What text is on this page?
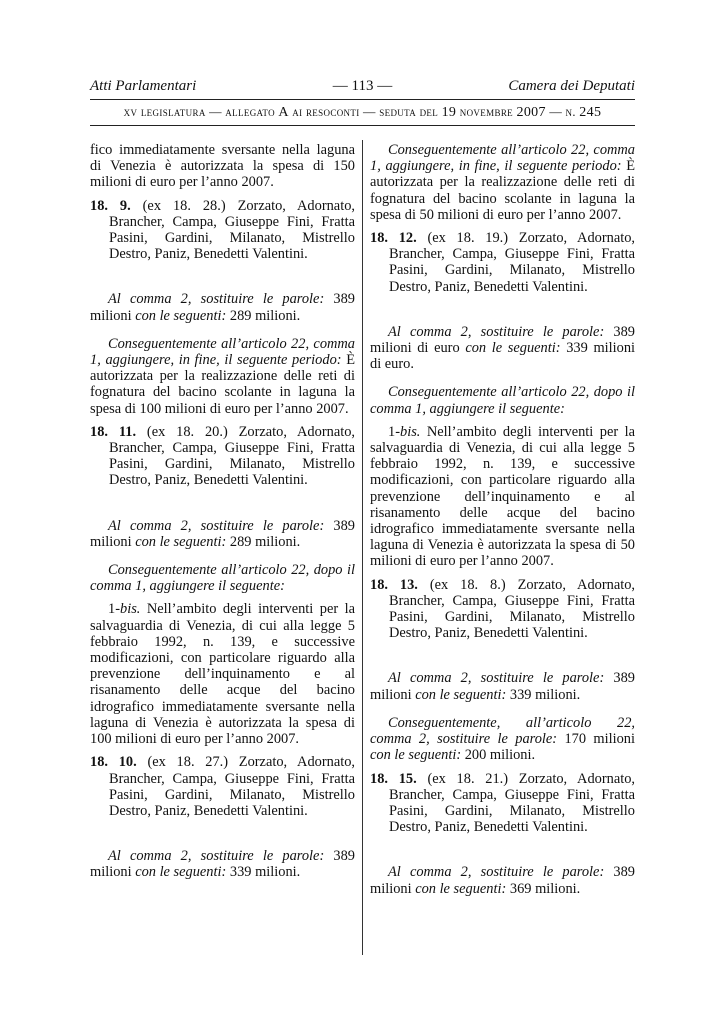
Atti Parlamentari	— 113 —	Camera dei Deputati
xv legislatura — allegato A ai resoconti — seduta del 19 novembre 2007 — n. 245

fico immediatamente sversante nella laguna di Venezia è autorizzata la spesa di 150 milioni di euro per l’anno 2007.

18. 9. (ex 18. 28.) Zorzato, Adornato, Brancher, Campa, Giuseppe Fini, Fratta Pasini, Gardini, Milanato, Mistrello Destro, Paniz, Benedetti Valentini.

Al comma 2, sostituire le parole: 389 milioni con le seguenti: 289 milioni.

Conseguentemente all’articolo 22, comma 1, aggiungere, in fine, il seguente periodo: È autorizzata per la realizzazione delle reti di fognatura del bacino scolante in laguna la spesa di 100 milioni di euro per l’anno 2007.

18. 11. (ex 18. 20.) Zorzato, Adornato, Brancher, Campa, Giuseppe Fini, Fratta Pasini, Gardini, Milanato, Mistrello Destro, Paniz, Benedetti Valentini.

Al comma 2, sostituire le parole: 389 milioni con le seguenti: 289 milioni.

Conseguentemente all’articolo 22, dopo il comma 1, aggiungere il seguente:

1-bis. Nell’ambito degli interventi per la salvaguardia di Venezia, di cui alla legge 5 febbraio 1992, n. 139, e successive modificazioni, con particolare riguardo alla prevenzione dell’inquinamento e al risanamento delle acque del bacino idrografico immediatamente sversante nella laguna di Venezia è autorizzata la spesa di 100 milioni di euro per l’anno 2007.

18. 10. (ex 18. 27.) Zorzato, Adornato, Brancher, Campa, Giuseppe Fini, Fratta Pasini, Gardini, Milanato, Mistrello Destro, Paniz, Benedetti Valentini.

Al comma 2, sostituire le parole: 389 milioni con le seguenti: 339 milioni.

Conseguentemente all’articolo 22, comma 1, aggiungere, in fine, il seguente periodo: È autorizzata per la realizzazione delle reti di fognatura del bacino scolante in laguna la spesa di 50 milioni di euro per l’anno 2007.

18. 12. (ex 18. 19.) Zorzato, Adornato, Brancher, Campa, Giuseppe Fini, Fratta Pasini, Gardini, Milanato, Mistrello Destro, Paniz, Benedetti Valentini.

Al comma 2, sostituire le parole: 389 milioni di euro con le seguenti: 339 milioni di euro.

Conseguentemente all’articolo 22, dopo il comma 1, aggiungere il seguente:

1-bis. Nell’ambito degli interventi per la salvaguardia di Venezia, di cui alla legge 5 febbraio 1992, n. 139, e successive modificazioni, con particolare riguardo alla prevenzione dell’inquinamento e al risanamento delle acque del bacino idrografico immediatamente sversante nella laguna di Venezia è autorizzata la spesa di 50 milioni di euro per l’anno 2007.

18. 13. (ex 18. 8.) Zorzato, Adornato, Brancher, Campa, Giuseppe Fini, Fratta Pasini, Gardini, Milanato, Mistrello Destro, Paniz, Benedetti Valentini.

Al comma 2, sostituire le parole: 389 milioni con le seguenti: 339 milioni.

Conseguentemente, all’articolo 22, comma 2, sostituire le parole: 170 milioni con le seguenti: 200 milioni.

18. 15. (ex 18. 21.) Zorzato, Adornato, Brancher, Campa, Giuseppe Fini, Fratta Pasini, Gardini, Milanato, Mistrello Destro, Paniz, Benedetti Valentini.

Al comma 2, sostituire le parole: 389 milioni con le seguenti: 369 milioni.
